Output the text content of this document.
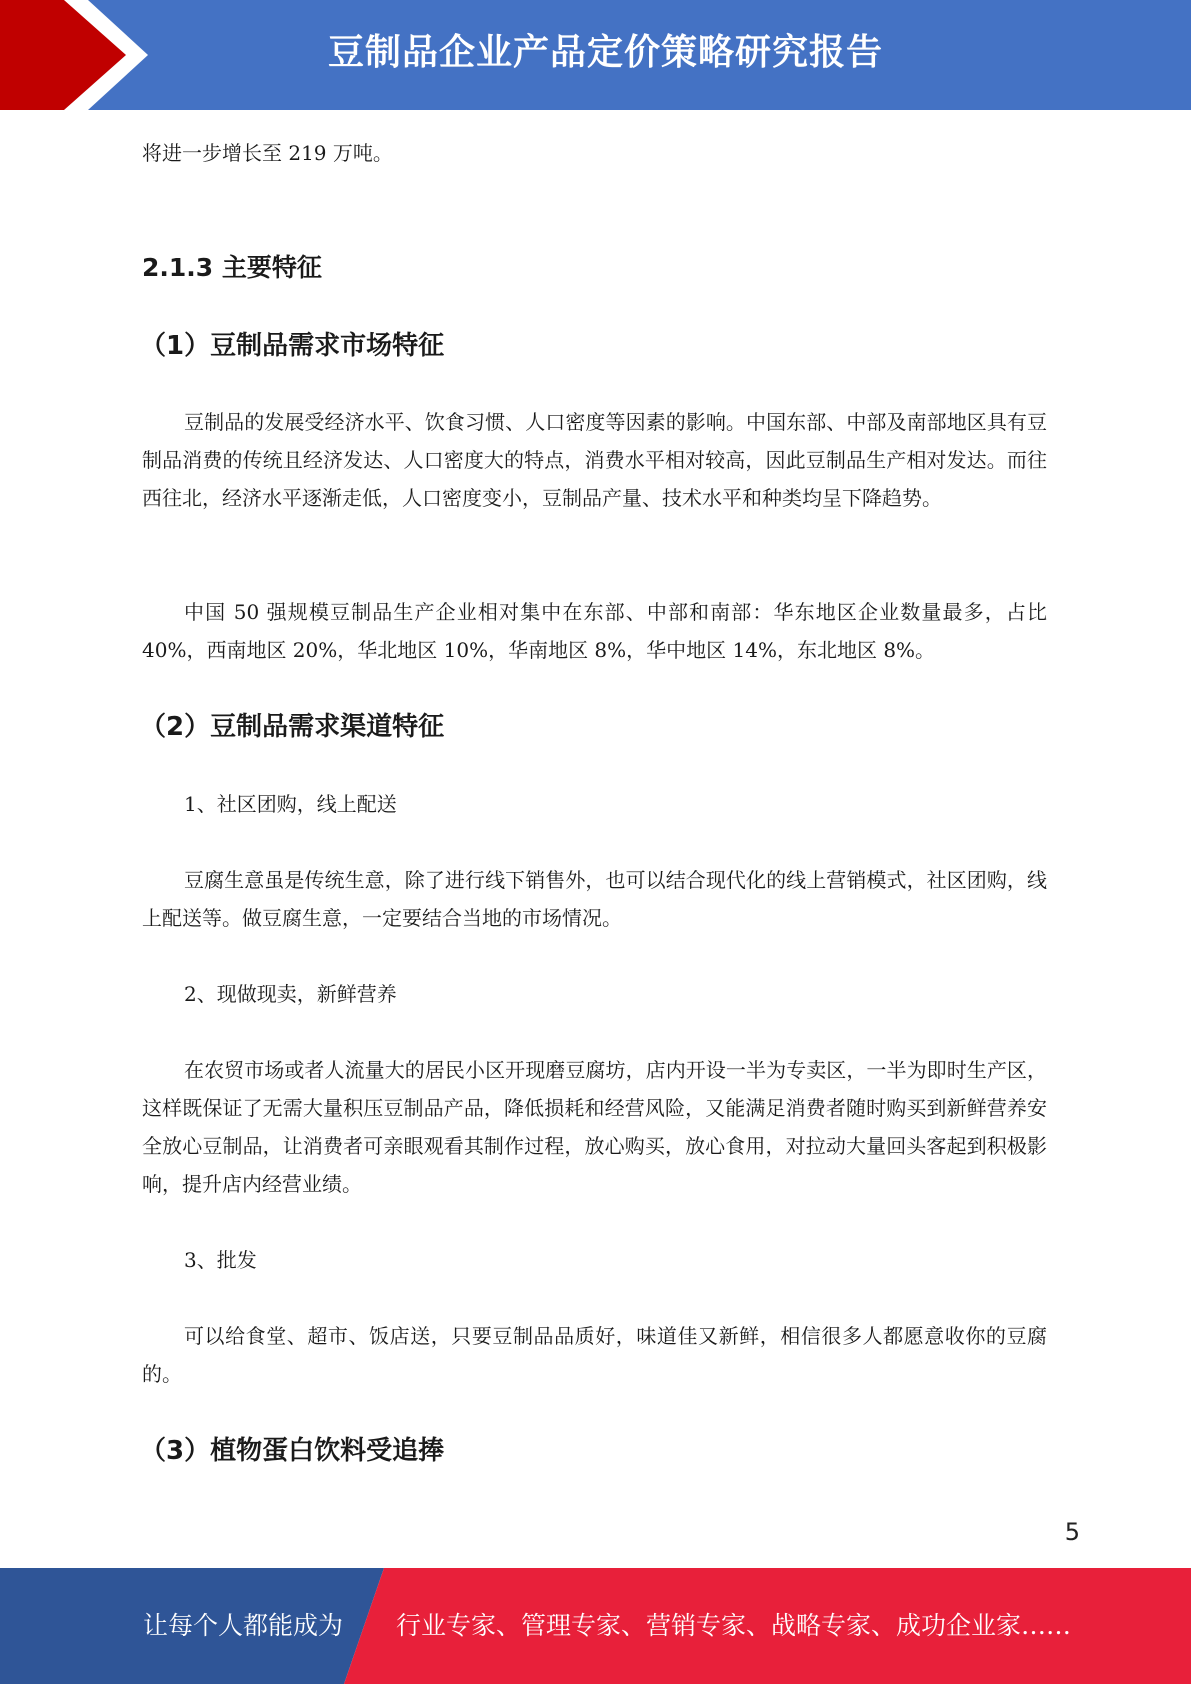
豆制品企业产品定价策略研究报告

将进一步增长至 219 万吨。

2.1.3 主要特征
（1）豆制品需求市场特征

豆制品的发展受经济水平、饮食习惯、人口密度等因素的影响。中国东部、中部及南部地区具有豆制品消费的传统且经济发达、人口密度大的特点，消费水平相对较高，因此豆制品生产相对发达。而往西往北，经济水平逐渐走低，人口密度变小，豆制品产量、技术水平和种类均呈下降趋势。

中国 50 强规模豆制品生产企业相对集中在东部、中部和南部：华东地区企业数量最多，占比 40%，西南地区 20%，华北地区 10%，华南地区 8%，华中地区 14%，东北地区 8%。

（2）豆制品需求渠道特征

1、社区团购，线上配送

豆腐生意虽是传统生意，除了进行线下销售外，也可以结合现代化的线上营销模式，社区团购，线上配送等。做豆腐生意，一定要结合当地的市场情况。

2、现做现卖，新鲜营养

在农贸市场或者人流量大的居民小区开现磨豆腐坊，店内开设一半为专卖区，一半为即时生产区，这样既保证了无需大量积压豆制品产品，降低损耗和经营风险，又能满足消费者随时购买到新鲜营养安全放心豆制品，让消费者可亲眼观看其制作过程，放心购买，放心食用，对拉动大量回头客起到积极影响，提升店内经营业绩。

3、批发

可以给食堂、超市、饭店送，只要豆制品品质好，味道佳又新鲜，相信很多人都愿意收你的豆腐的。

（3）植物蛋白饮料受追捧
5
让每个人都能成为 行业专家、管理专家、营销专家、战略专家、成功企业家……
